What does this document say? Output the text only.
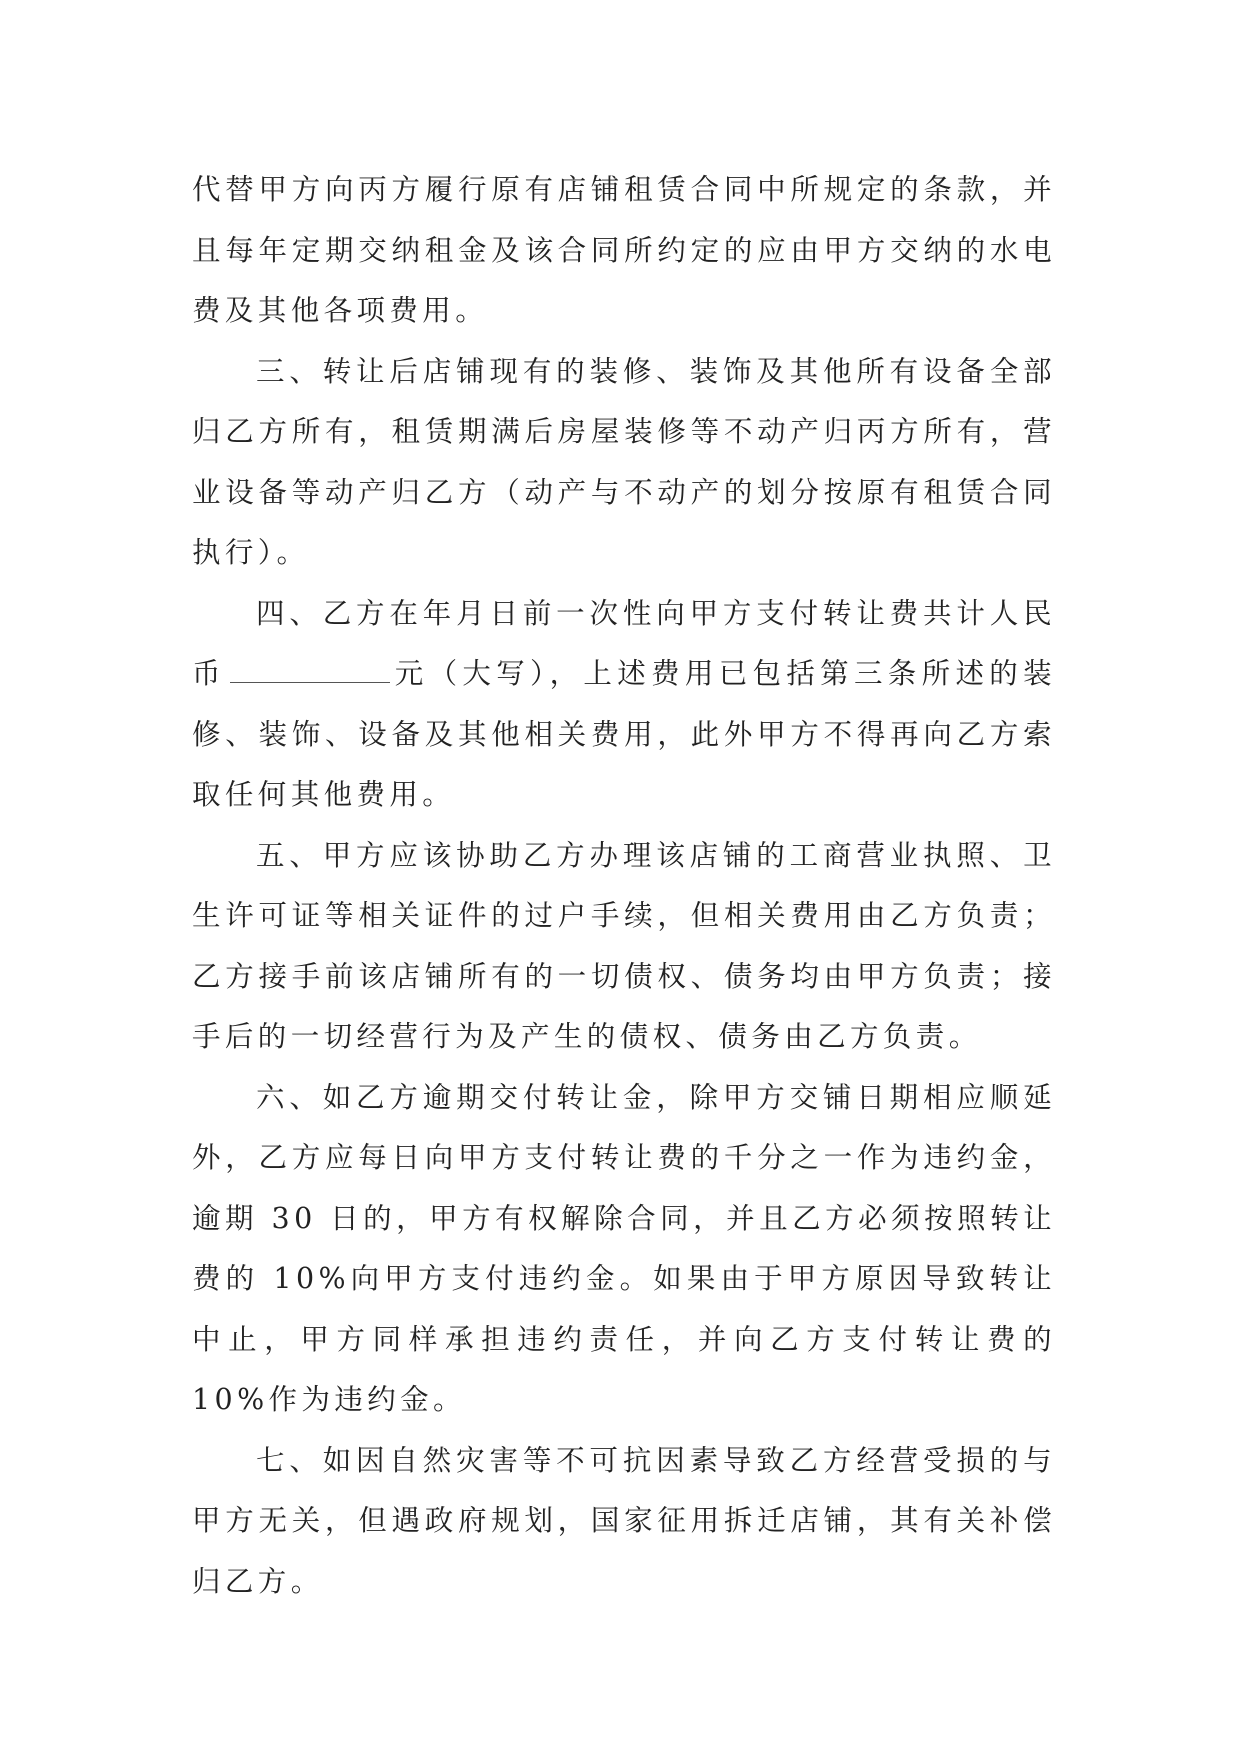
代替甲方向丙方履行原有店铺租赁合同中所规定的条款，并且每年定期交纳租金及该合同所约定的应由甲方交纳的水电费及其他各项费用。

三、转让后店铺现有的装修、装饰及其他所有设备全部归乙方所有，租赁期满后房屋装修等不动产归丙方所有，营业设备等动产归乙方（动产与不动产的划分按原有租赁合同执行）。

四、乙方在年月日前一次性向甲方支付转让费共计人民币	元（大写），上述费用已包括第三条所述的装修、装饰、设备及其他相关费用，此外甲方不得再向乙方索取任何其他费用。

五、甲方应该协助乙方办理该店铺的工商营业执照、卫生许可证等相关证件的过户手续，但相关费用由乙方负责；乙方接手前该店铺所有的一切债权、债务均由甲方负责；接手后的一切经营行为及产生的债权、债务由乙方负责。

六、如乙方逾期交付转让金，除甲方交铺日期相应顺延外，乙方应每日向甲方支付转让费的千分之一作为违约金，逾期 30 日的，甲方有权解除合同，并且乙方必须按照转让费的 10%向甲方支付违约金。如果由于甲方原因导致转让中止，甲方同样承担违约责任，并向乙方支付转让费的 10%作为违约金。

七、如因自然灾害等不可抗因素导致乙方经营受损的与甲方无关，但遇政府规划，国家征用拆迁店铺，其有关补偿归乙方。
